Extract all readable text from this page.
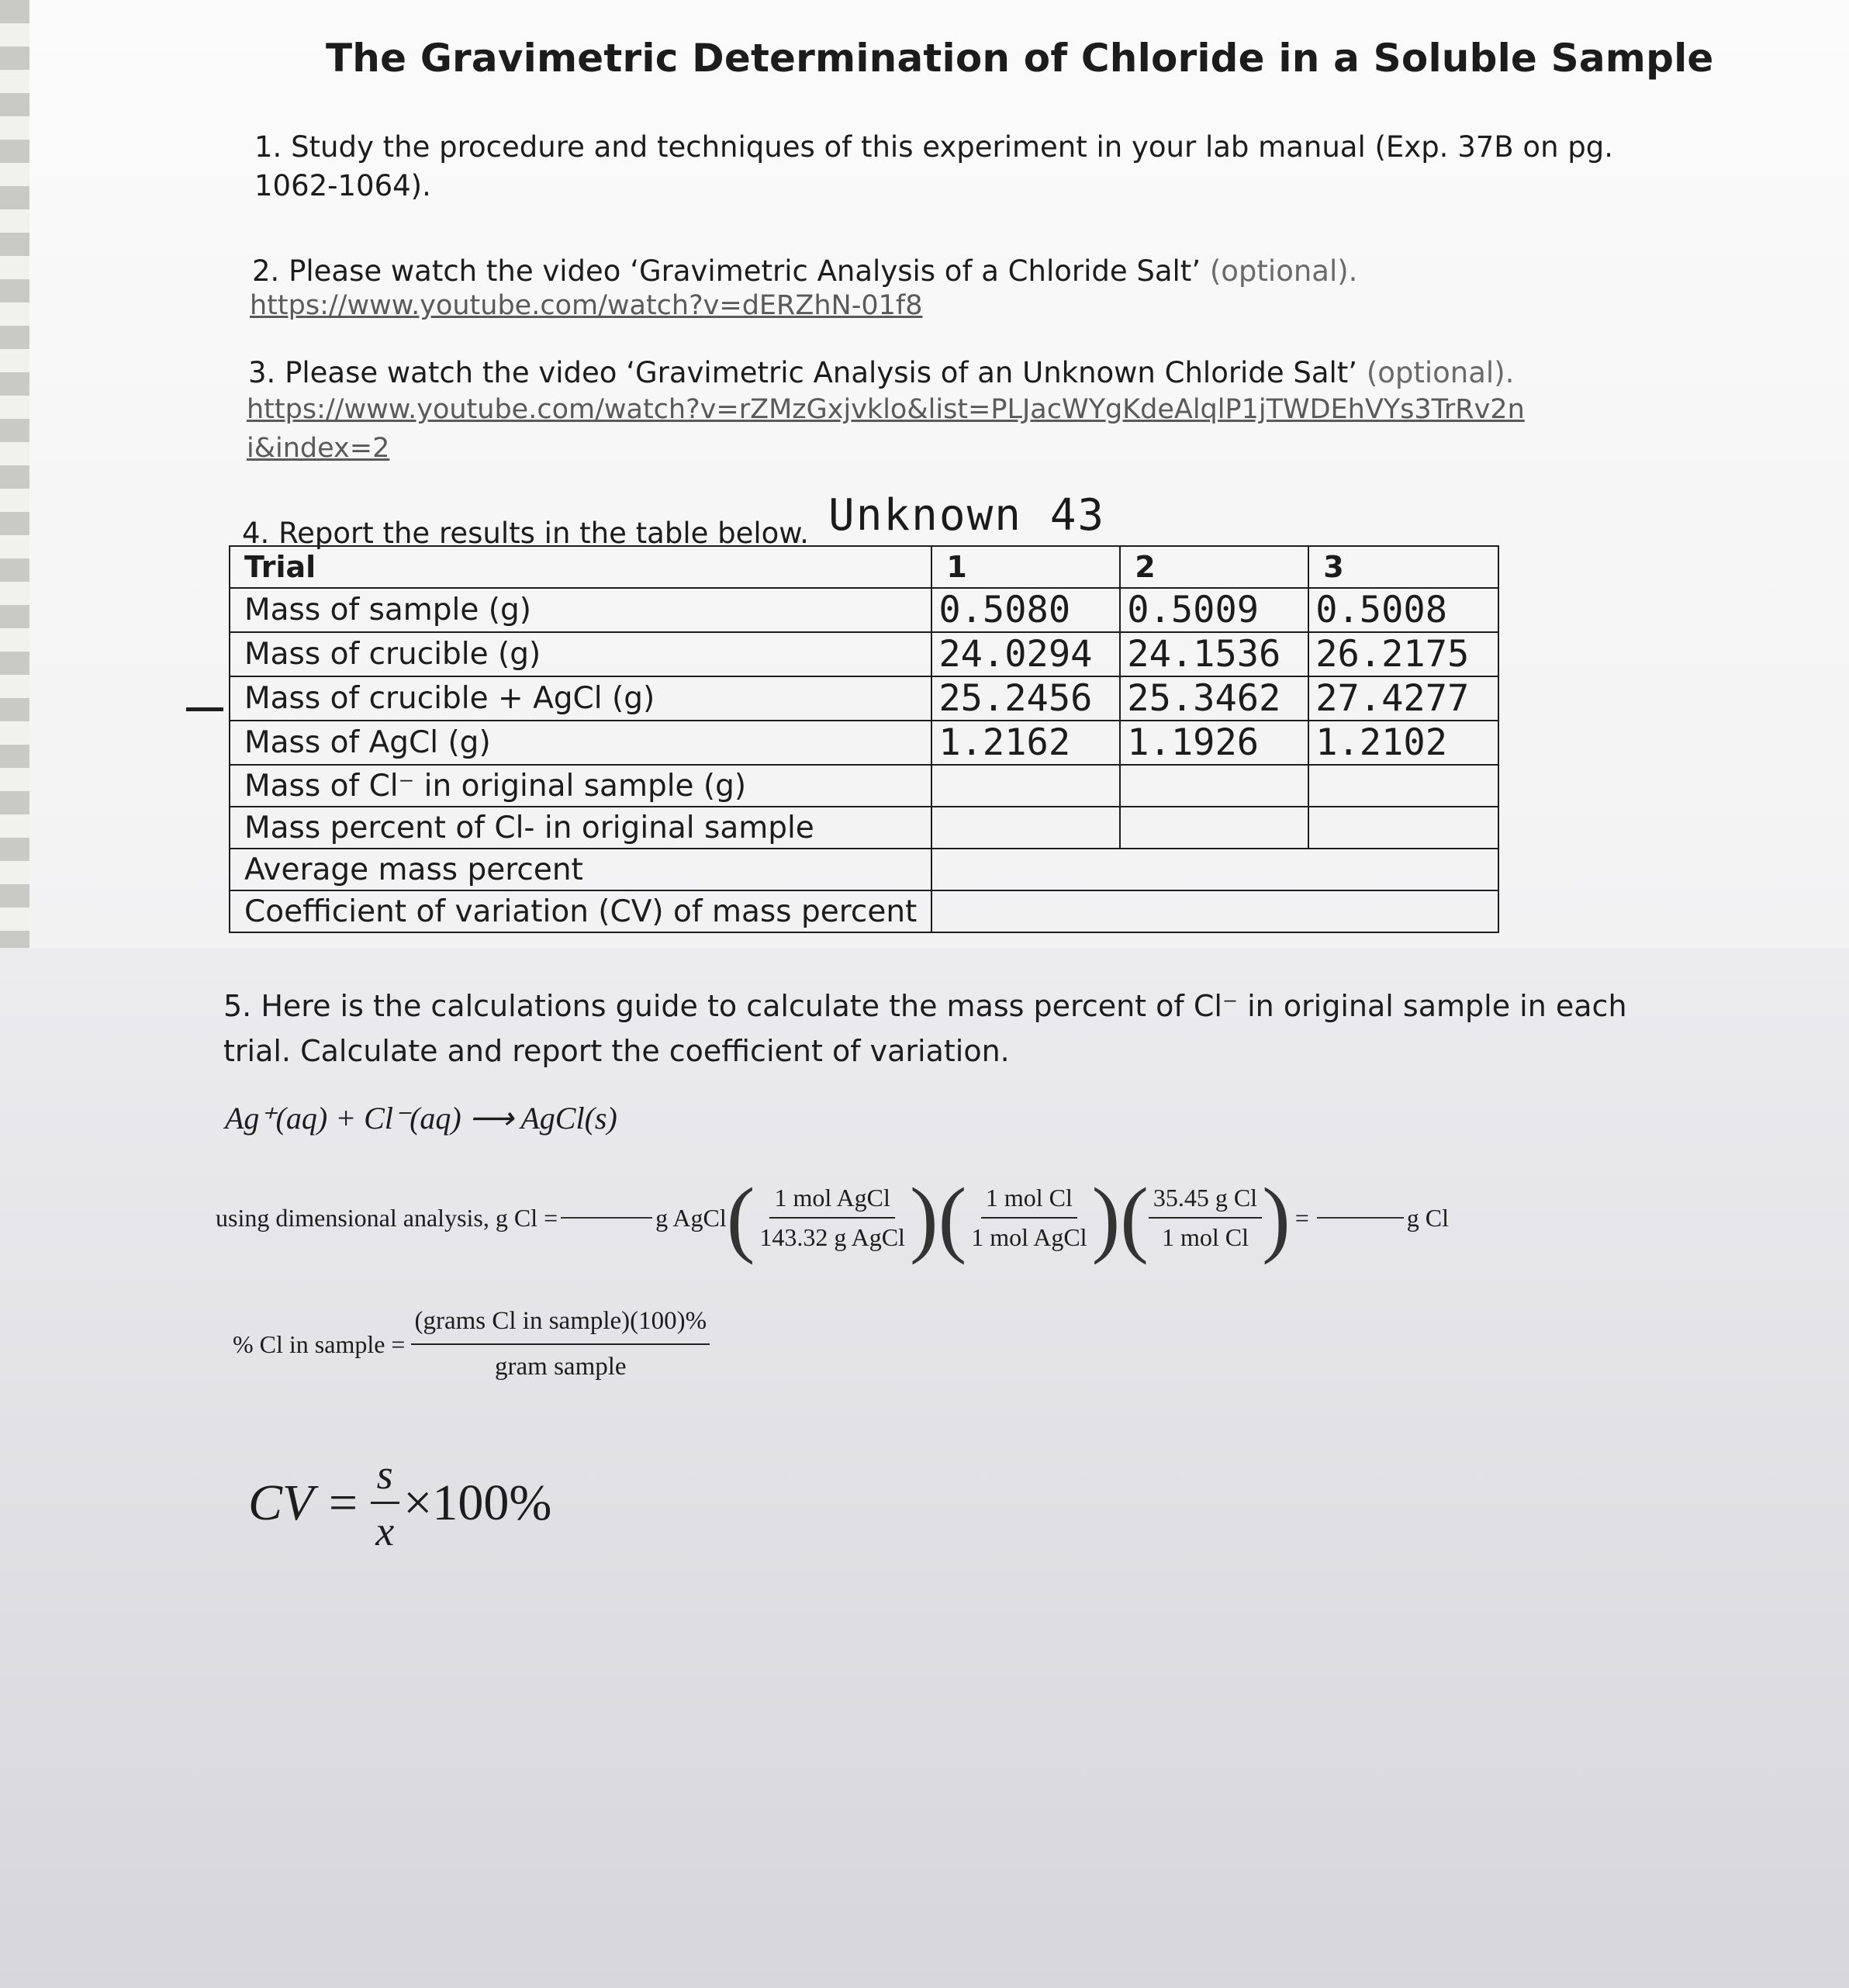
The Gravimetric Determination of Chloride in a Soluble Sample
1. Study the procedure and techniques of this experiment in your lab manual (Exp. 37B on pg.
1062-1064).
2. Please watch the video ‘Gravimetric Analysis of a Chloride Salt’ (optional).
https://www.youtube.com/watch?v=dERZhN-01f8
3. Please watch the video ‘Gravimetric Analysis of an Unknown Chloride Salt’ (optional).
https://www.youtube.com/watch?v=rZMzGxjvklo&list=PLJacWYgKdeAlqlP1jTWDEhVYs3TrRv2n
i&index=2
4. Report the results in the table below. Unknown 43
Trial	1	2	3
Mass of sample (g)	0.5080	0.5009	0.5008
Mass of crucible (g)	24.0294	24.1536	26.2175
Mass of crucible + AgCl (g)	25.2456	25.3462	27.4277
Mass of AgCl (g)	1.2162	1.1926	1.2102
Mass of Cl⁻ in original sample (g)			
Mass percent of Cl- in original sample			
Average mass percent			
Coefficient of variation (CV) of mass percent			
5. Here is the calculations guide to calculate the mass percent of Cl⁻ in original sample in each
trial. Calculate and report the coefficient of variation.
Ag⁺(aq) + Cl⁻(aq) ⟶ AgCl(s)
using dimensional analysis, g Cl =	g AgCl ( $\frac{\text{1 mol AgCl}}{\text{143.32 g AgCl}}$ )( $\frac{\text{1 mol Cl}}{\text{1 mol AgCl}}$ )( $\frac{\text{35.45 g Cl}}{\text{1 mol Cl}}$ ) =	g Cl
% Cl in sample = $\frac{\text{(grams Cl in sample)(100)\%}}{\text{gram sample}}$
CV = $\frac{s}{x} \times 100\%$
